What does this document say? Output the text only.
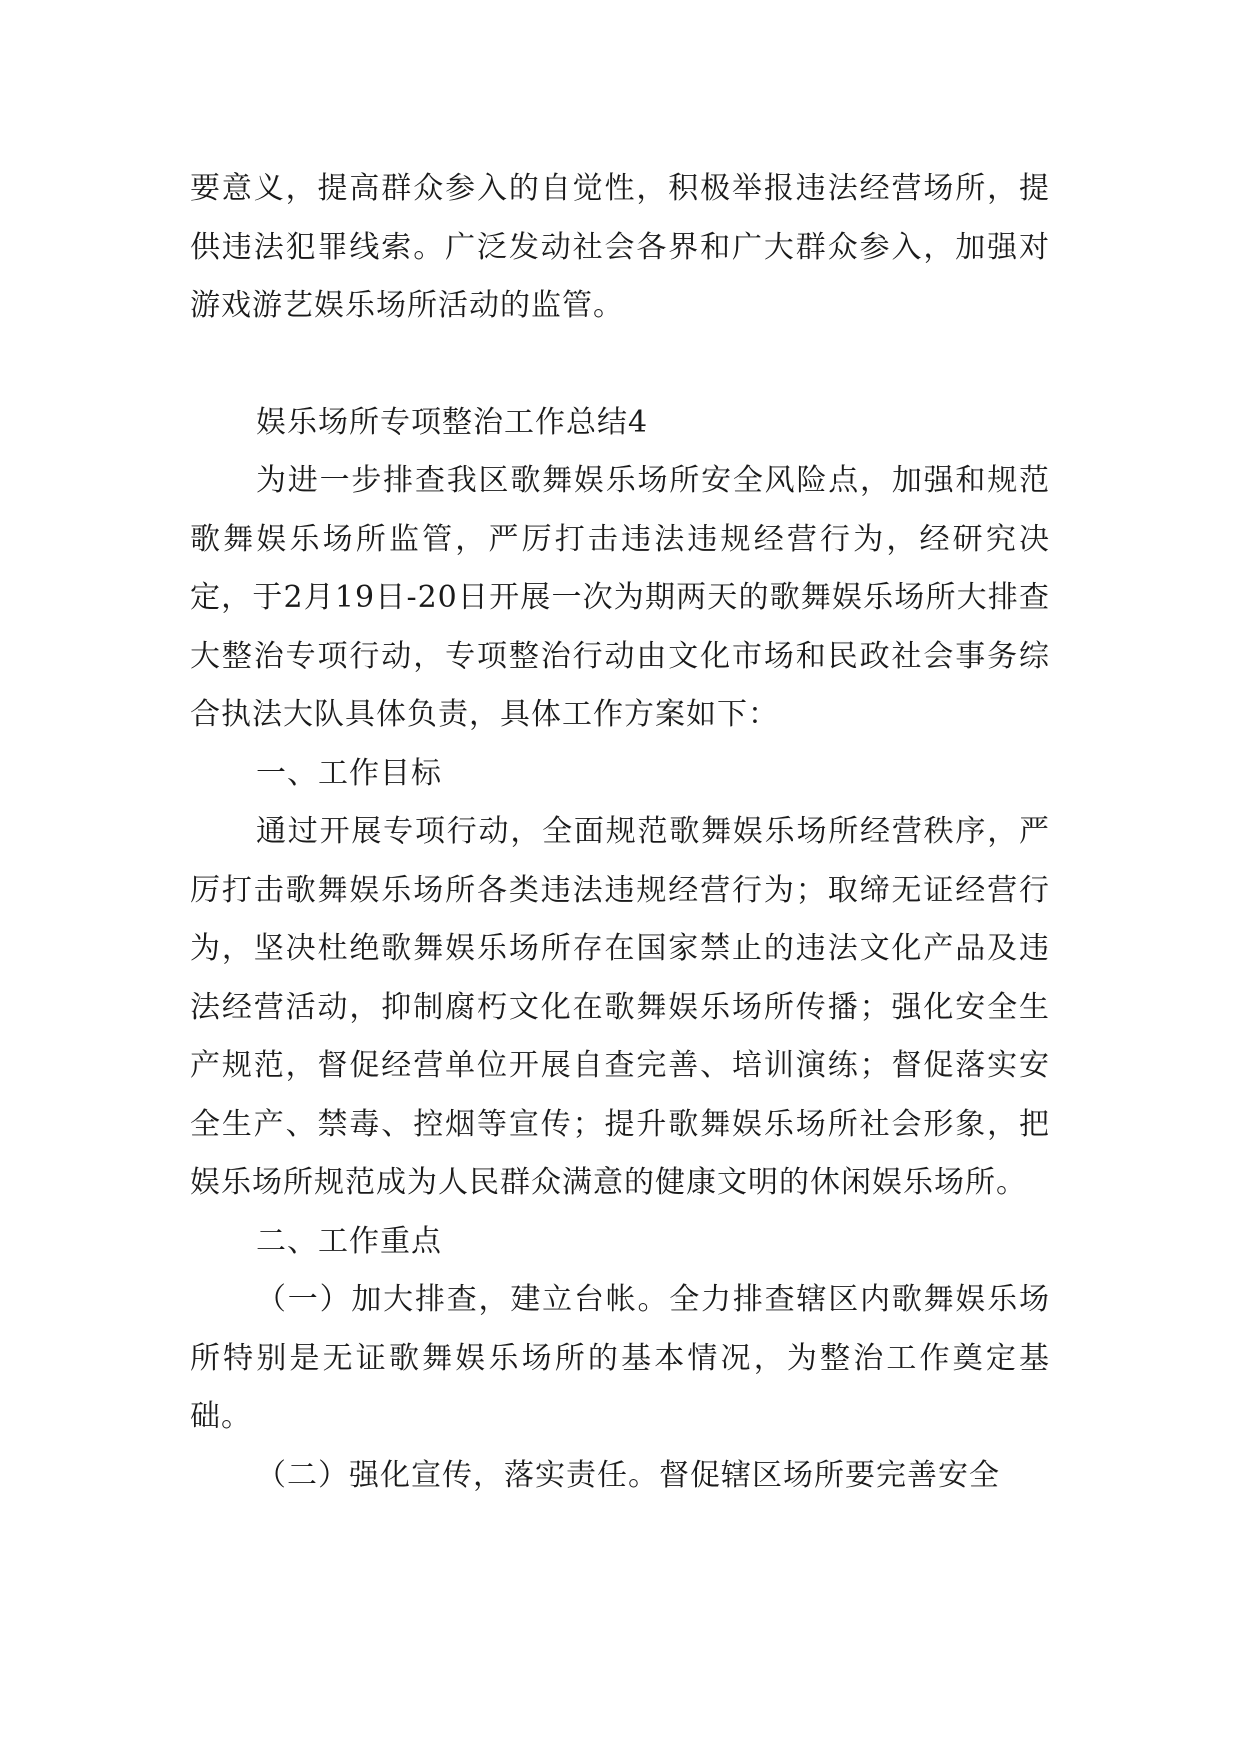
要意义，提高群众参入的自觉性，积极举报违法经营场所，提供违法犯罪线索。广泛发动社会各界和广大群众参入，加强对游戏游艺娱乐场所活动的监管。

娱乐场所专项整治工作总结4

为进一步排查我区歌舞娱乐场所安全风险点，加强和规范歌舞娱乐场所监管，严厉打击违法违规经营行为，经研究决定，于2月19日-20日开展一次为期两天的歌舞娱乐场所大排查大整治专项行动，专项整治行动由文化市场和民政社会事务综合执法大队具体负责，具体工作方案如下：

一、工作目标

通过开展专项行动，全面规范歌舞娱乐场所经营秩序，严厉打击歌舞娱乐场所各类违法违规经营行为；取缔无证经营行为，坚决杜绝歌舞娱乐场所存在国家禁止的违法文化产品及违法经营活动，抑制腐朽文化在歌舞娱乐场所传播；强化安全生产规范，督促经营单位开展自查完善、培训演练；督促落实安全生产、禁毒、控烟等宣传；提升歌舞娱乐场所社会形象，把娱乐场所规范成为人民群众满意的健康文明的休闲娱乐场所。

二、工作重点

（一）加大排查，建立台帐。全力排查辖区内歌舞娱乐场所特别是无证歌舞娱乐场所的基本情况，为整治工作奠定基础。

（二）强化宣传，落实责任。督促辖区场所要完善安全
